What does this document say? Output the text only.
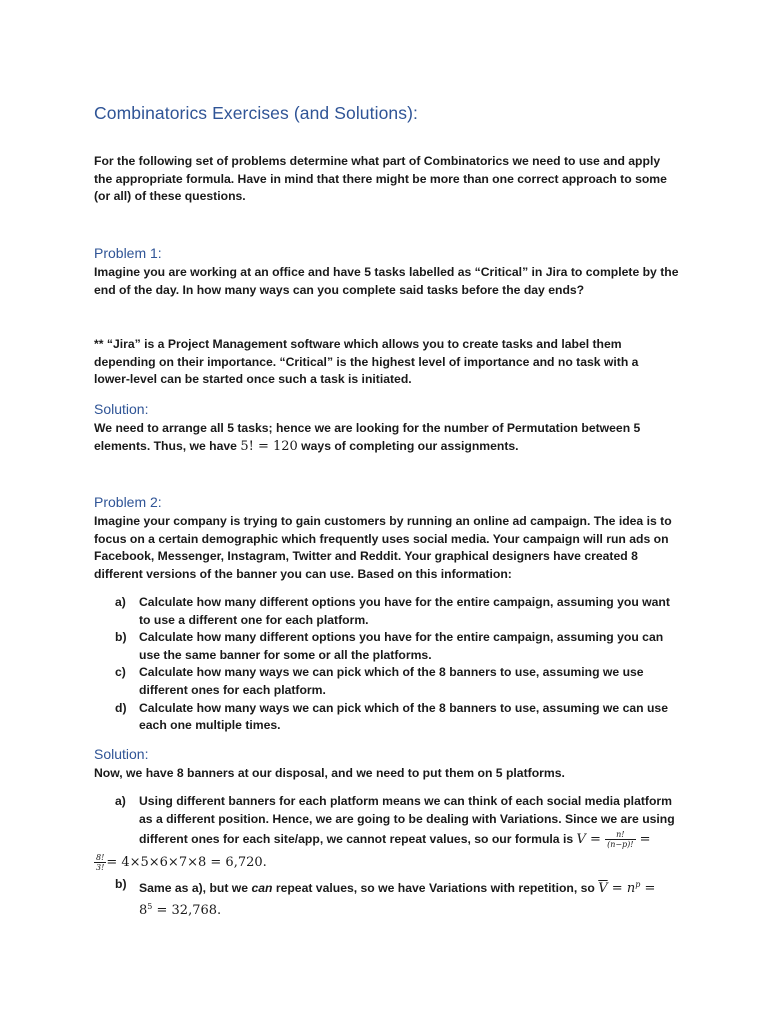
Combinatorics Exercises (and Solutions):
For the following set of problems determine what part of Combinatorics we need to use and apply
the appropriate formula. Have in mind that there might be more than one correct approach to some
(or all) of these questions.
Problem 1:
Imagine you are working at an office and have 5 tasks labelled as “Critical” in Jira to complete by the
end of the day. In how many ways can you complete said tasks before the day ends?
** “Jira” is a Project Management software which allows you to create tasks and label them
depending on their importance. “Critical” is the highest level of importance and no task with a
lower-level can be started once such a task is initiated.
Solution:
We need to arrange all 5 tasks; hence we are looking for the number of Permutation between 5
elements. Thus, we have 5! = 120 ways of completing our assignments.
Problem 2:
Imagine your company is trying to gain customers by running an online ad campaign. The idea is to
focus on a certain demographic which frequently uses social media. Your campaign will run ads on
Facebook, Messenger, Instagram, Twitter and Reddit. Your graphical designers have created 8
different versions of the banner you can use. Based on this information:
a) Calculate how many different options you have for the entire campaign, assuming you want
to use a different one for each platform.
b) Calculate how many different options you have for the entire campaign, assuming you can
use the same banner for some or all the platforms.
c) Calculate how many ways we can pick which of the 8 banners to use, assuming we use
different ones for each platform.
d) Calculate how many ways we can pick which of the 8 banners to use, assuming we can use
each one multiple times.
Solution:
Now, we have 8 banners at our disposal, and we need to put them on 5 platforms.
a) Using different banners for each platform means we can think of each social media platform
as a different position. Hence, we are going to be dealing with Variations. Since we are using
different ones for each site/app, we cannot repeat values, so our formula is $V = \frac{n!}{(n-p)!}$ =
$\frac{8!}{3!} = 4\times 5\times 6\times 7\times 8 = 6,720$.
b) Same as a), but we can repeat values, so we have Variations with repetition, so $\overline{V} = n^p$ =
$8^5 = 32,768$.
